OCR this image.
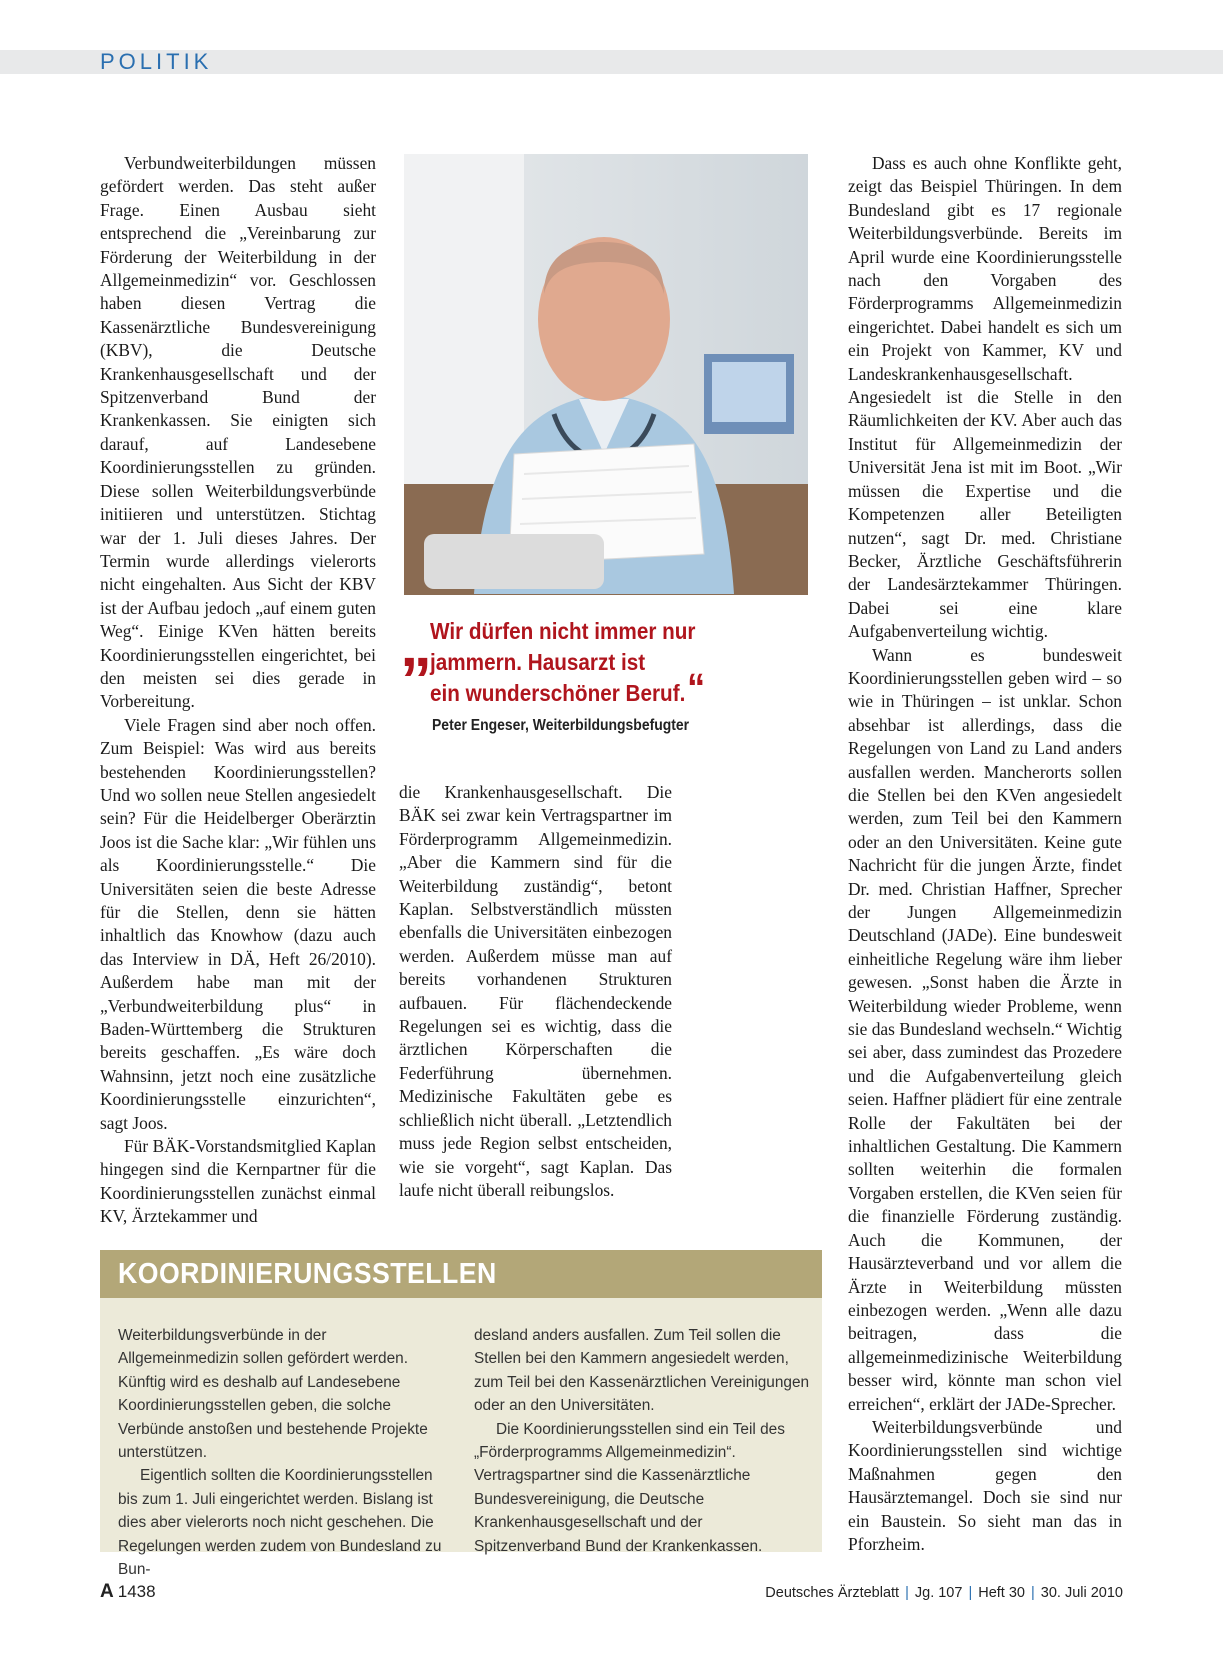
POLITIK

Verbundweiterbildungen müssen gefördert werden. Das steht außer Frage. Einen Ausbau sieht entsprechend die „Vereinbarung zur Förderung der Weiterbildung in der Allgemeinmedizin“ vor. Geschlossen haben diesen Vertrag die Kassenärztliche Bundesvereinigung (KBV), die Deutsche Krankenhausgesellschaft und der Spitzenverband Bund der Krankenkassen. Sie einigten sich darauf, auf Landesebene Koordinierungsstellen zu gründen. Diese sollen Weiterbildungsverbünde initiieren und unterstützen. Stichtag war der 1. Juli dieses Jahres. Der Termin wurde allerdings vielerorts nicht eingehalten. Aus Sicht der KBV ist der Aufbau jedoch „auf einem guten Weg“. Einige KVen hätten bereits Koordinierungsstellen eingerichtet, bei den meisten sei dies gerade in Vorbereitung.

Viele Fragen sind aber noch offen. Zum Beispiel: Was wird aus bereits bestehenden Koordinierungsstellen? Und wo sollen neue Stellen angesiedelt sein? Für die Heidelberger Oberärztin Joos ist die Sache klar: „Wir fühlen uns als Koordinierungsstelle.“ Die Universitäten seien die beste Adresse für die Stellen, denn sie hätten inhaltlich das Knowhow (dazu auch das Interview in DÄ, Heft 26/2010). Außerdem habe man mit der „Verbundweiterbildung plus“ in Baden-Württemberg die Strukturen bereits geschaffen. „Es wäre doch Wahnsinn, jetzt noch eine zusätzliche Koordinierungsstelle einzurichten“, sagt Joos.

Für BÄK-Vorstandsmitglied Kaplan hingegen sind die Kernpartner für die Koordinierungsstellen zunächst einmal KV, Ärztekammer und

„
Wir dürfen nicht immer nur
jammern. Hausarzt ist
ein wunderschöner Beruf.“
Peter Engeser, Weiterbildungsbefugter

die Krankenhausgesellschaft. Die BÄK sei zwar kein Vertragspartner im Förderprogramm Allgemeinmedizin. „Aber die Kammern sind für die Weiterbildung zuständig“, betont Kaplan. Selbstverständlich müssten ebenfalls die Universitäten einbezogen werden. Außerdem müsse man auf bereits vorhandenen Strukturen aufbauen. Für flächendeckende Regelungen sei es wichtig, dass die ärztlichen Körperschaften die Federführung übernehmen. Medizinische Fakultäten gebe es schließlich nicht überall. „Letztendlich muss jede Region selbst entscheiden, wie sie vorgeht“, sagt Kaplan. Das laufe nicht überall reibungslos.

Dass es auch ohne Konflikte geht, zeigt das Beispiel Thüringen. In dem Bundesland gibt es 17 regionale Weiterbildungsverbünde. Bereits im April wurde eine Koordinierungsstelle nach den Vorgaben des Förderprogramms Allgemeinmedizin eingerichtet. Dabei handelt es sich um ein Projekt von Kammer, KV und Landeskrankenhausgesellschaft. Angesiedelt ist die Stelle in den Räumlichkeiten der KV. Aber auch das Institut für Allgemeinmedizin der Universität Jena ist mit im Boot. „Wir müssen die Expertise und die Kompetenzen aller Beteiligten nutzen“, sagt Dr. med. Christiane Becker, Ärztliche Geschäftsführerin der Landesärztekammer Thüringen. Dabei sei eine klare Aufgabenverteilung wichtig.

Wann es bundesweit Koordinierungsstellen geben wird – so wie in Thüringen – ist unklar. Schon absehbar ist allerdings, dass die Regelungen von Land zu Land anders ausfallen werden. Mancherorts sollen die Stellen bei den KVen angesiedelt werden, zum Teil bei den Kammern oder an den Universitäten. Keine gute Nachricht für die jungen Ärzte, findet Dr. med. Christian Haffner, Sprecher der Jungen Allgemeinmedizin Deutschland (JADe). Eine bundesweit einheitliche Regelung wäre ihm lieber gewesen. „Sonst haben die Ärzte in Weiterbildung wieder Probleme, wenn sie das Bundesland wechseln.“ Wichtig sei aber, dass zumindest das Prozedere und die Aufgabenverteilung gleich seien. Haffner plädiert für eine zentrale Rolle der Fakultäten bei der inhaltlichen Gestaltung. Die Kammern sollten weiterhin die formalen Vorgaben erstellen, die KVen seien für die finanzielle Förderung zuständig. Auch die Kommunen, der Hausärzteverband und vor allem die Ärzte in Weiterbildung müssten einbezogen werden. „Wenn alle dazu beitragen, dass die allgemeinmedizinische Weiterbildung besser wird, könnte man schon viel erreichen“, erklärt der JADe-Sprecher.

Weiterbildungsverbünde und Koordinierungsstellen sind wichtige Maßnahmen gegen den Hausärztemangel. Doch sie sind nur ein Baustein. So sieht man das in Pforzheim.

KOORDINIERUNGSSTELLEN

Weiterbildungsverbünde in der Allgemeinmedizin sollen gefördert werden. Künftig wird es deshalb auf Landesebene Koordinierungsstellen geben, die solche Verbünde anstoßen und bestehende Projekte unterstützen.

Eigentlich sollten die Koordinierungsstellen bis zum 1. Juli eingerichtet werden. Bislang ist dies aber vielerorts noch nicht geschehen. Die Regelungen werden zudem von Bundesland zu Bun-

desland anders ausfallen. Zum Teil sollen die Stellen bei den Kammern angesiedelt werden, zum Teil bei den Kassenärztlichen Vereinigungen oder an den Universitäten.

Die Koordinierungsstellen sind ein Teil des „Förderprogramms Allgemeinmedizin“. Vertragspartner sind die Kassenärztliche Bundesvereinigung, die Deutsche Krankenhausgesellschaft und der Spitzenverband Bund der Krankenkassen.

A 1438	Deutsches Ärzteblatt | Jg. 107 | Heft 30 | 30. Juli 2010
